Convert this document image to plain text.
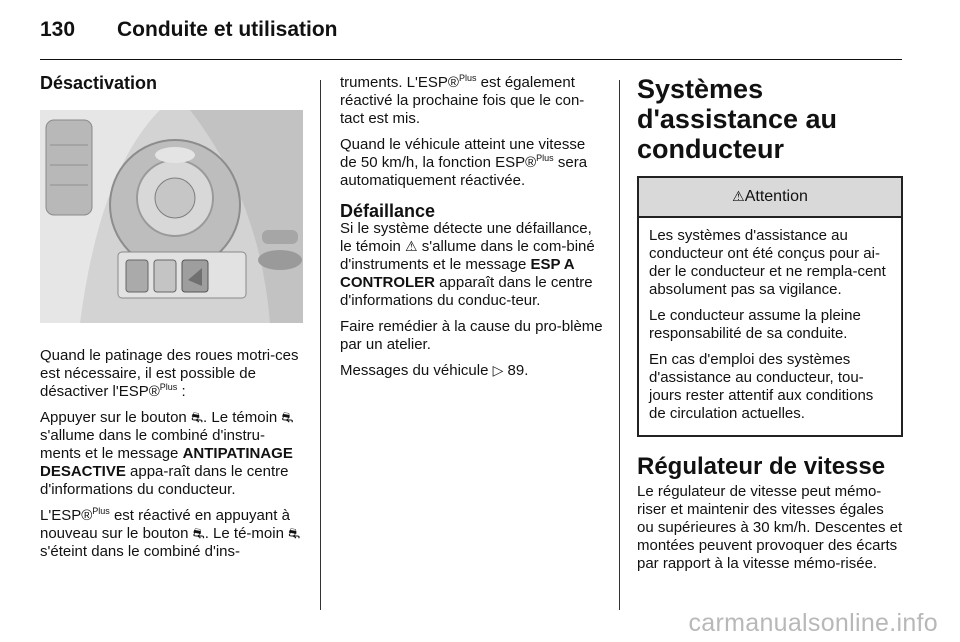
130 Conduite et utilisation
Désactivation

Quand le patinage des roues motri-ces est nécessaire, il est possible de désactiver l'ESP®$^{Plus}$ :

Appuyer sur le bouton ⛐. Le témoin ⛐ s'allume dans le combiné d'instru-ments et le message ANTIPATINAGE DESACTIVE appa-raît dans le centre d'informations du conducteur.

L'ESP®$^{Plus}$ est réactivé en appuyant à nouveau sur le bouton ⛐. Le té-moin ⛐ s'éteint dans le combiné d'ins-

truments. L'ESP®$^{Plus}$ est également réactivé la prochaine fois que le con-tact est mis.

Quand le véhicule atteint une vitesse de 50 km/h, la fonction ESP®$^{Plus}$ sera automatiquement réactivée.

Défaillance

Si le système détecte une défaillance, le témoin ⚠ s'allume dans le com-biné d'instruments et le message ESP A CONTROLER apparaît dans le centre d'informations du conduc-teur.

Faire remédier à la cause du pro-blème par un atelier.

Messages du véhicule ▷ 89.

Systèmes d'assistance au conducteur
⚠Attention

Les systèmes d'assistance au conducteur ont été conçus pour ai-der le conducteur et ne rempla-cent absolument pas sa vigilance.

Le conducteur assume la pleine responsabilité de sa conduite.

En cas d'emploi des systèmes d'assistance au conducteur, tou-jours rester attentif aux conditions de circulation actuelles.

Régulateur de vitesse

Le régulateur de vitesse peut mémo-riser et maintenir des vitesses égales ou supérieures à 30 km/h. Descentes et montées peuvent provoquer des écarts par rapport à la vitesse mémo-risée.

carmanualsonline.info
